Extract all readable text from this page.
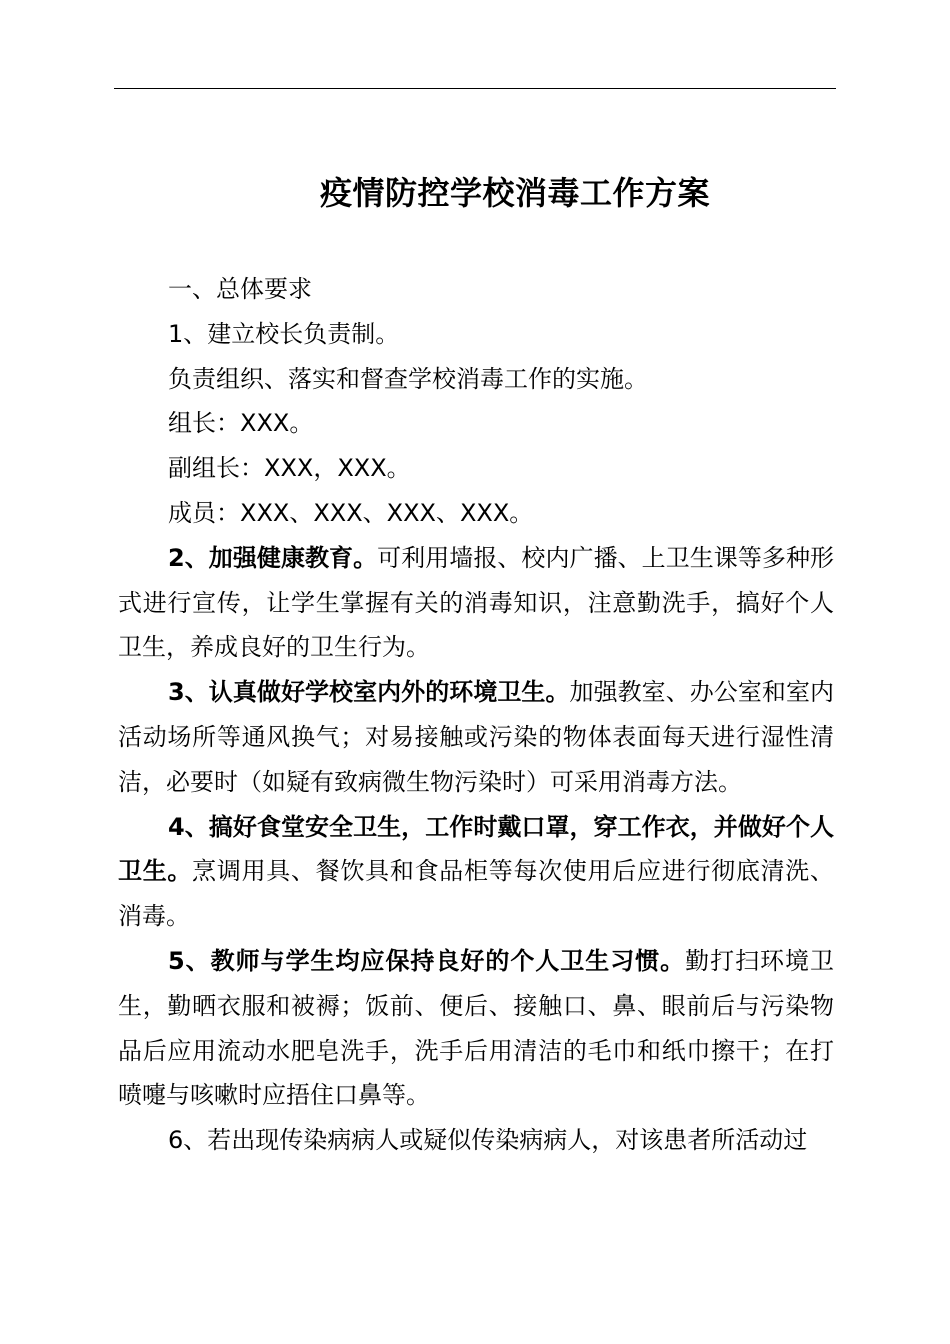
疫情防控学校消毒工作方案

一、总体要求

1、建立校长负责制。

负责组织、落实和督查学校消毒工作的实施。

组长：XXX。

副组长：XXX，XXX。

成员：XXX、XXX、XXX、XXX。

2、加强健康教育。可利用墙报、校内广播、上卫生课等多种形式进行宣传，让学生掌握有关的消毒知识，注意勤洗手，搞好个人卫生，养成良好的卫生行为。

3、认真做好学校室内外的环境卫生。加强教室、办公室和室内活动场所等通风换气；对易接触或污染的物体表面每天进行湿性清洁，必要时（如疑有致病微生物污染时）可采用消毒方法。

4、搞好食堂安全卫生，工作时戴口罩，穿工作衣，并做好个人卫生。烹调用具、餐饮具和食品柜等每次使用后应进行彻底清洗、消毒。

5、教师与学生均应保持良好的个人卫生习惯。勤打扫环境卫生，勤晒衣服和被褥；饭前、便后、接触口、鼻、眼前后与污染物品后应用流动水肥皂洗手，洗手后用清洁的毛巾和纸巾擦干；在打喷嚏与咳嗽时应捂住口鼻等。

6、若出现传染病病人或疑似传染病病人，对该患者所活动过
